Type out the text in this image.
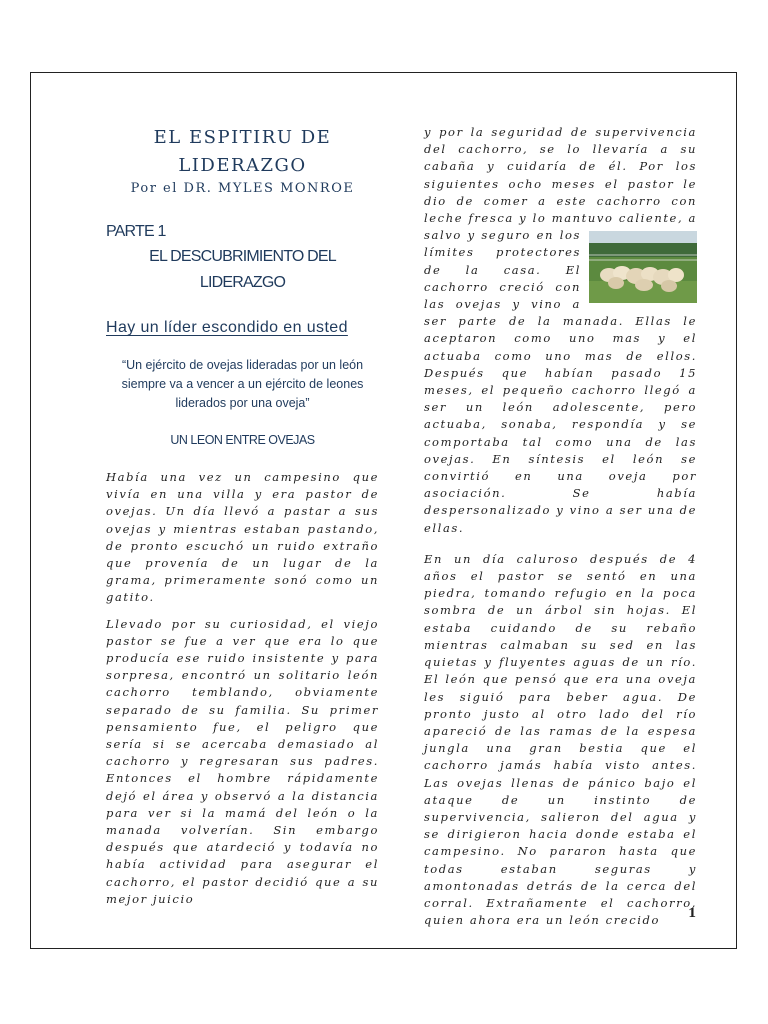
EL ESPITIRU DE

LIDERAZGO

Por el DR. MYLES MONROE

PARTE 1

EL DESCUBRIMIENTO DEL
LIDERAZGO

Hay un líder escondido en usted

“Un ejército de ovejas lideradas por un león siempre va a vencer a un ejército de leones liderados por una oveja”

UN LEON ENTRE OVEJAS

Había una vez un campesino que vivía en una villa y era pastor de ovejas. Un día llevó a pastar a sus ovejas y mientras estaban pastando, de pronto escuchó un ruido extraño que provenía de un lugar de la grama, primeramente sonó como un gatito.

Llevado por su curiosidad, el viejo pastor se fue a ver que era lo que producía ese ruido insistente y para sorpresa, encontró un solitario león cachorro temblando, obviamente separado de su familia. Su primer pensamiento fue, el peligro que sería si se acercaba demasiado al cachorro y regresaran sus padres. Entonces el hombre rápidamente dejó el área y observó a la distancia para ver si la mamá del león o la manada volverían. Sin embargo después que atardeció y todavía no había actividad para asegurar el cachorro, el pastor decidió que a su mejor juicio

y por la seguridad de supervivencia del cachorro, se lo llevaría a su cabaña y cuidaría de él. Por los siguientes ocho meses el pastor le dio de comer a este cachorro con leche fresca y lo mantuvo caliente, a salvo y seguro en los
límites protectores de la casa. El cachorro creció con las ovejas y vino a ser parte de la manada. Ellas le aceptaron como uno mas y el actuaba como uno mas de ellos. Después que habían pasado 15 meses, el pequeño cachorro llegó a ser un león adolescente, pero actuaba, sonaba, respondía y se comportaba tal como una de las ovejas. En síntesis el león se convirtió en una oveja por asociación. Se había despersonalizado y vino a ser una de ellas.

En un día caluroso después de 4 años el pastor se sentó en una piedra, tomando refugio en la poca sombra de un árbol sin hojas. El estaba cuidando de su rebaño mientras calmaban su sed en las quietas y fluyentes aguas de un río. El león que pensó que era una oveja les siguió para beber agua. De pronto justo al otro lado del río apareció de las ramas de la espesa jungla una gran bestia que el cachorro jamás había visto antes. Las ovejas llenas de pánico bajo el ataque de un instinto de supervivencia, salieron del agua y se dirigieron hacia donde estaba el campesino. No pararon hasta que todas estaban seguras y amontonadas detrás de la cerca del corral. Extrañamente el cachorro, quien ahora era un león crecido

1
